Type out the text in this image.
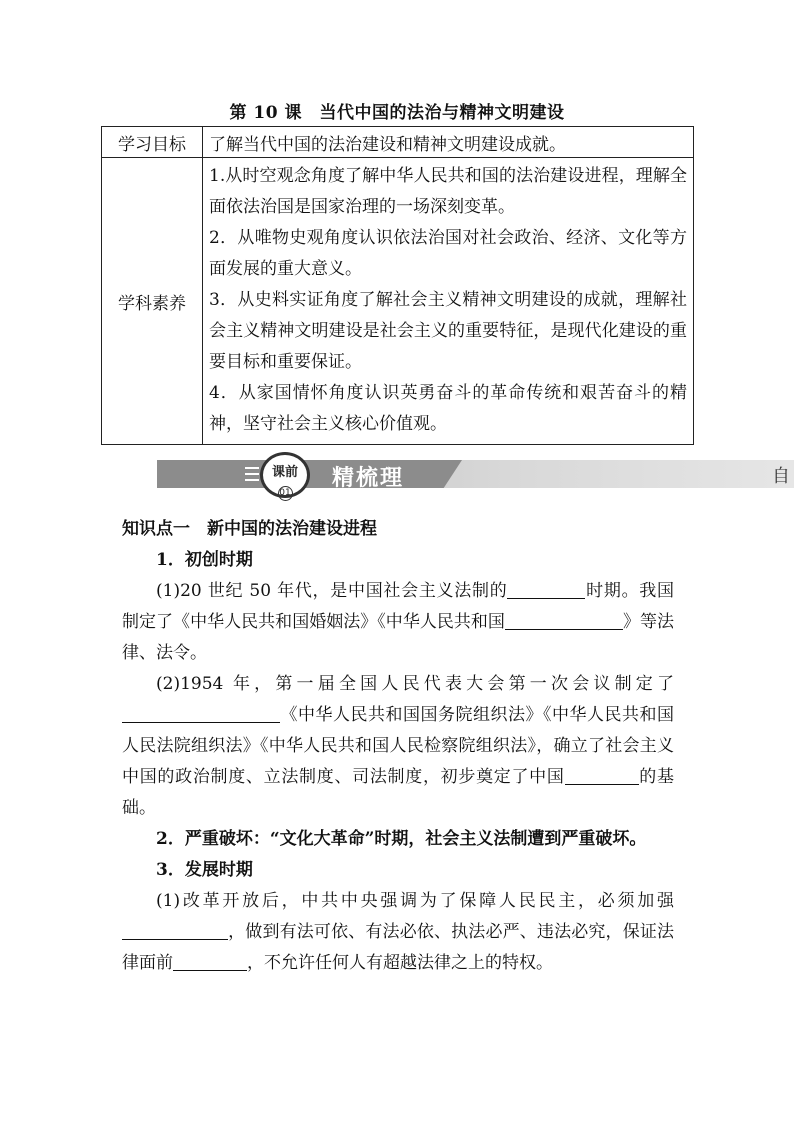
第 10 课　当代中国的法治与精神文明建设
学习目标	了解当代中国的法治建设和精神文明建设成就。
学科素养	1.从时空观念角度了解中华人民共和国的法治建设进程，理解全面依法治国是国家治理的一场深刻变革。

2．从唯物史观角度认识依法治国对社会政治、经济、文化等方面发展的重大意义。

3．从史料实证角度了解社会主义精神文明建设的成就，理解社会主义精神文明建设是社会主义的重要特征，是现代化建设的重要目标和重要保证。

4．从家国情怀角度认识英勇奋斗的革命传统和艰苦奋斗的精神，坚守社会主义核心价值观。

课前
01
精梳理	自

知识点一　新中国的法治建设进程

1．初创时期

(1)20 世纪 50 年代，是中国社会主义法制的	时期。我国制定了《中华人民共和国婚姻法》《中华人民共和国	》等法律、法令。

(2)1954 年，第一届全国人民代表大会第一次会议制定了《中华人民共和国国务院组织法》《中华人民共和国人民法院组织法》《中华人民共和国人民检察院组织法》，确立了社会主义中国的政治制度、立法制度、司法制度，初步奠定了中国	的基础。

2．严重破坏：“文化大革命”时期，社会主义法制遭到严重破坏。

3．发展时期

(1)改革开放后，中共中央强调为了保障人民民主，必须加强，做到有法可依、有法必依、执法必严、违法必究，保证法律面前	，不允许任何人有超越法律之上的特权。
